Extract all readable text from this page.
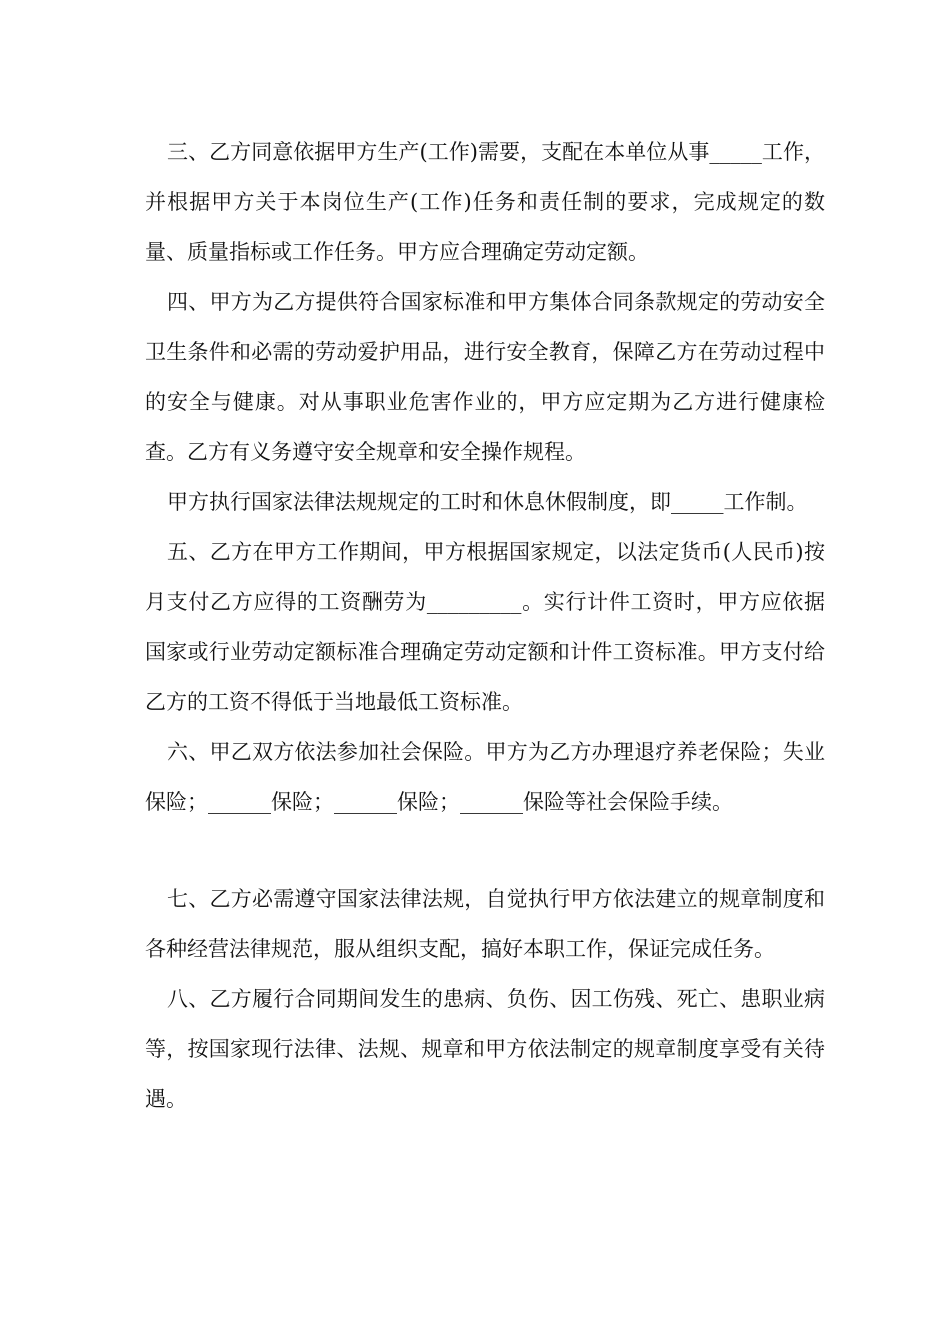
三、乙方同意依据甲方生产(工作)需要，支配在本单位从事_____工作，并根据甲方关于本岗位生产(工作)任务和责任制的要求，完成规定的数量、质量指标或工作任务。甲方应合理确定劳动定额。

四、甲方为乙方提供符合国家标准和甲方集体合同条款规定的劳动安全卫生条件和必需的劳动爱护用品，进行安全教育，保障乙方在劳动过程中的安全与健康。对从事职业危害作业的，甲方应定期为乙方进行健康检查。乙方有义务遵守安全规章和安全操作规程。

甲方执行国家法律法规规定的工时和休息休假制度，即_____工作制。

五、乙方在甲方工作期间，甲方根据国家规定，以法定货币(人民币)按月支付乙方应得的工资酬劳为_________。实行计件工资时，甲方应依据国家或行业劳动定额标准合理确定劳动定额和计件工资标准。甲方支付给乙方的工资不得低于当地最低工资标准。

六、甲乙双方依法参加社会保险。甲方为乙方办理退疗养老保险；失业保险；______保险；______保险；______保险等社会保险手续。

七、乙方必需遵守国家法律法规，自觉执行甲方依法建立的规章制度和各种经营法律规范，服从组织支配，搞好本职工作，保证完成任务。

八、乙方履行合同期间发生的患病、负伤、因工伤残、死亡、患职业病等，按国家现行法律、法规、规章和甲方依法制定的规章制度享受有关待遇。
